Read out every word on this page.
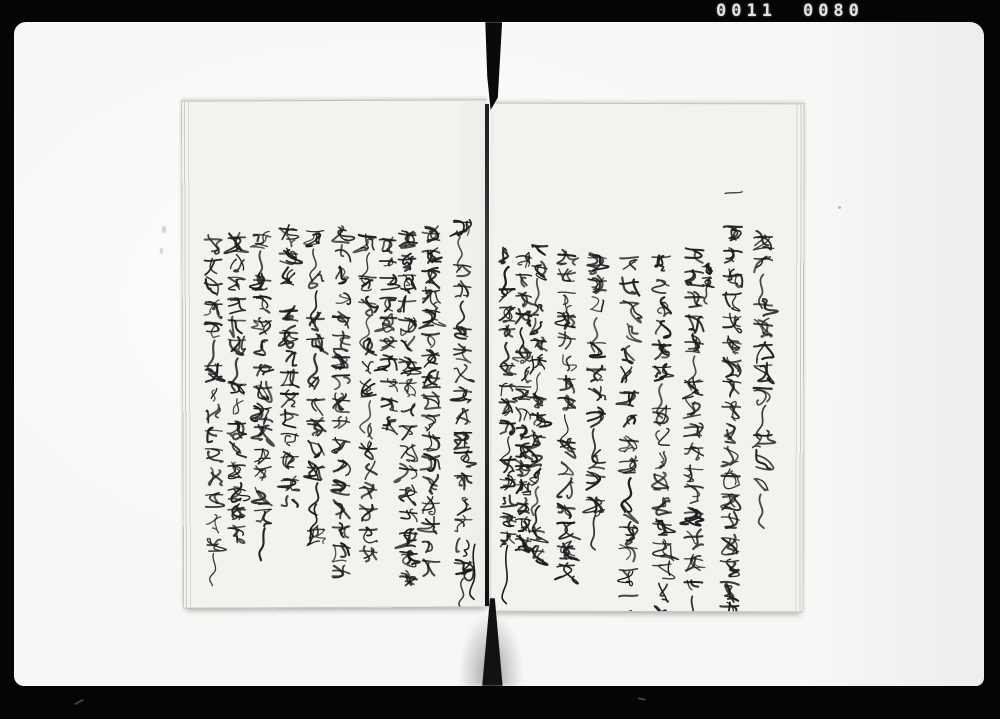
0011 0080
